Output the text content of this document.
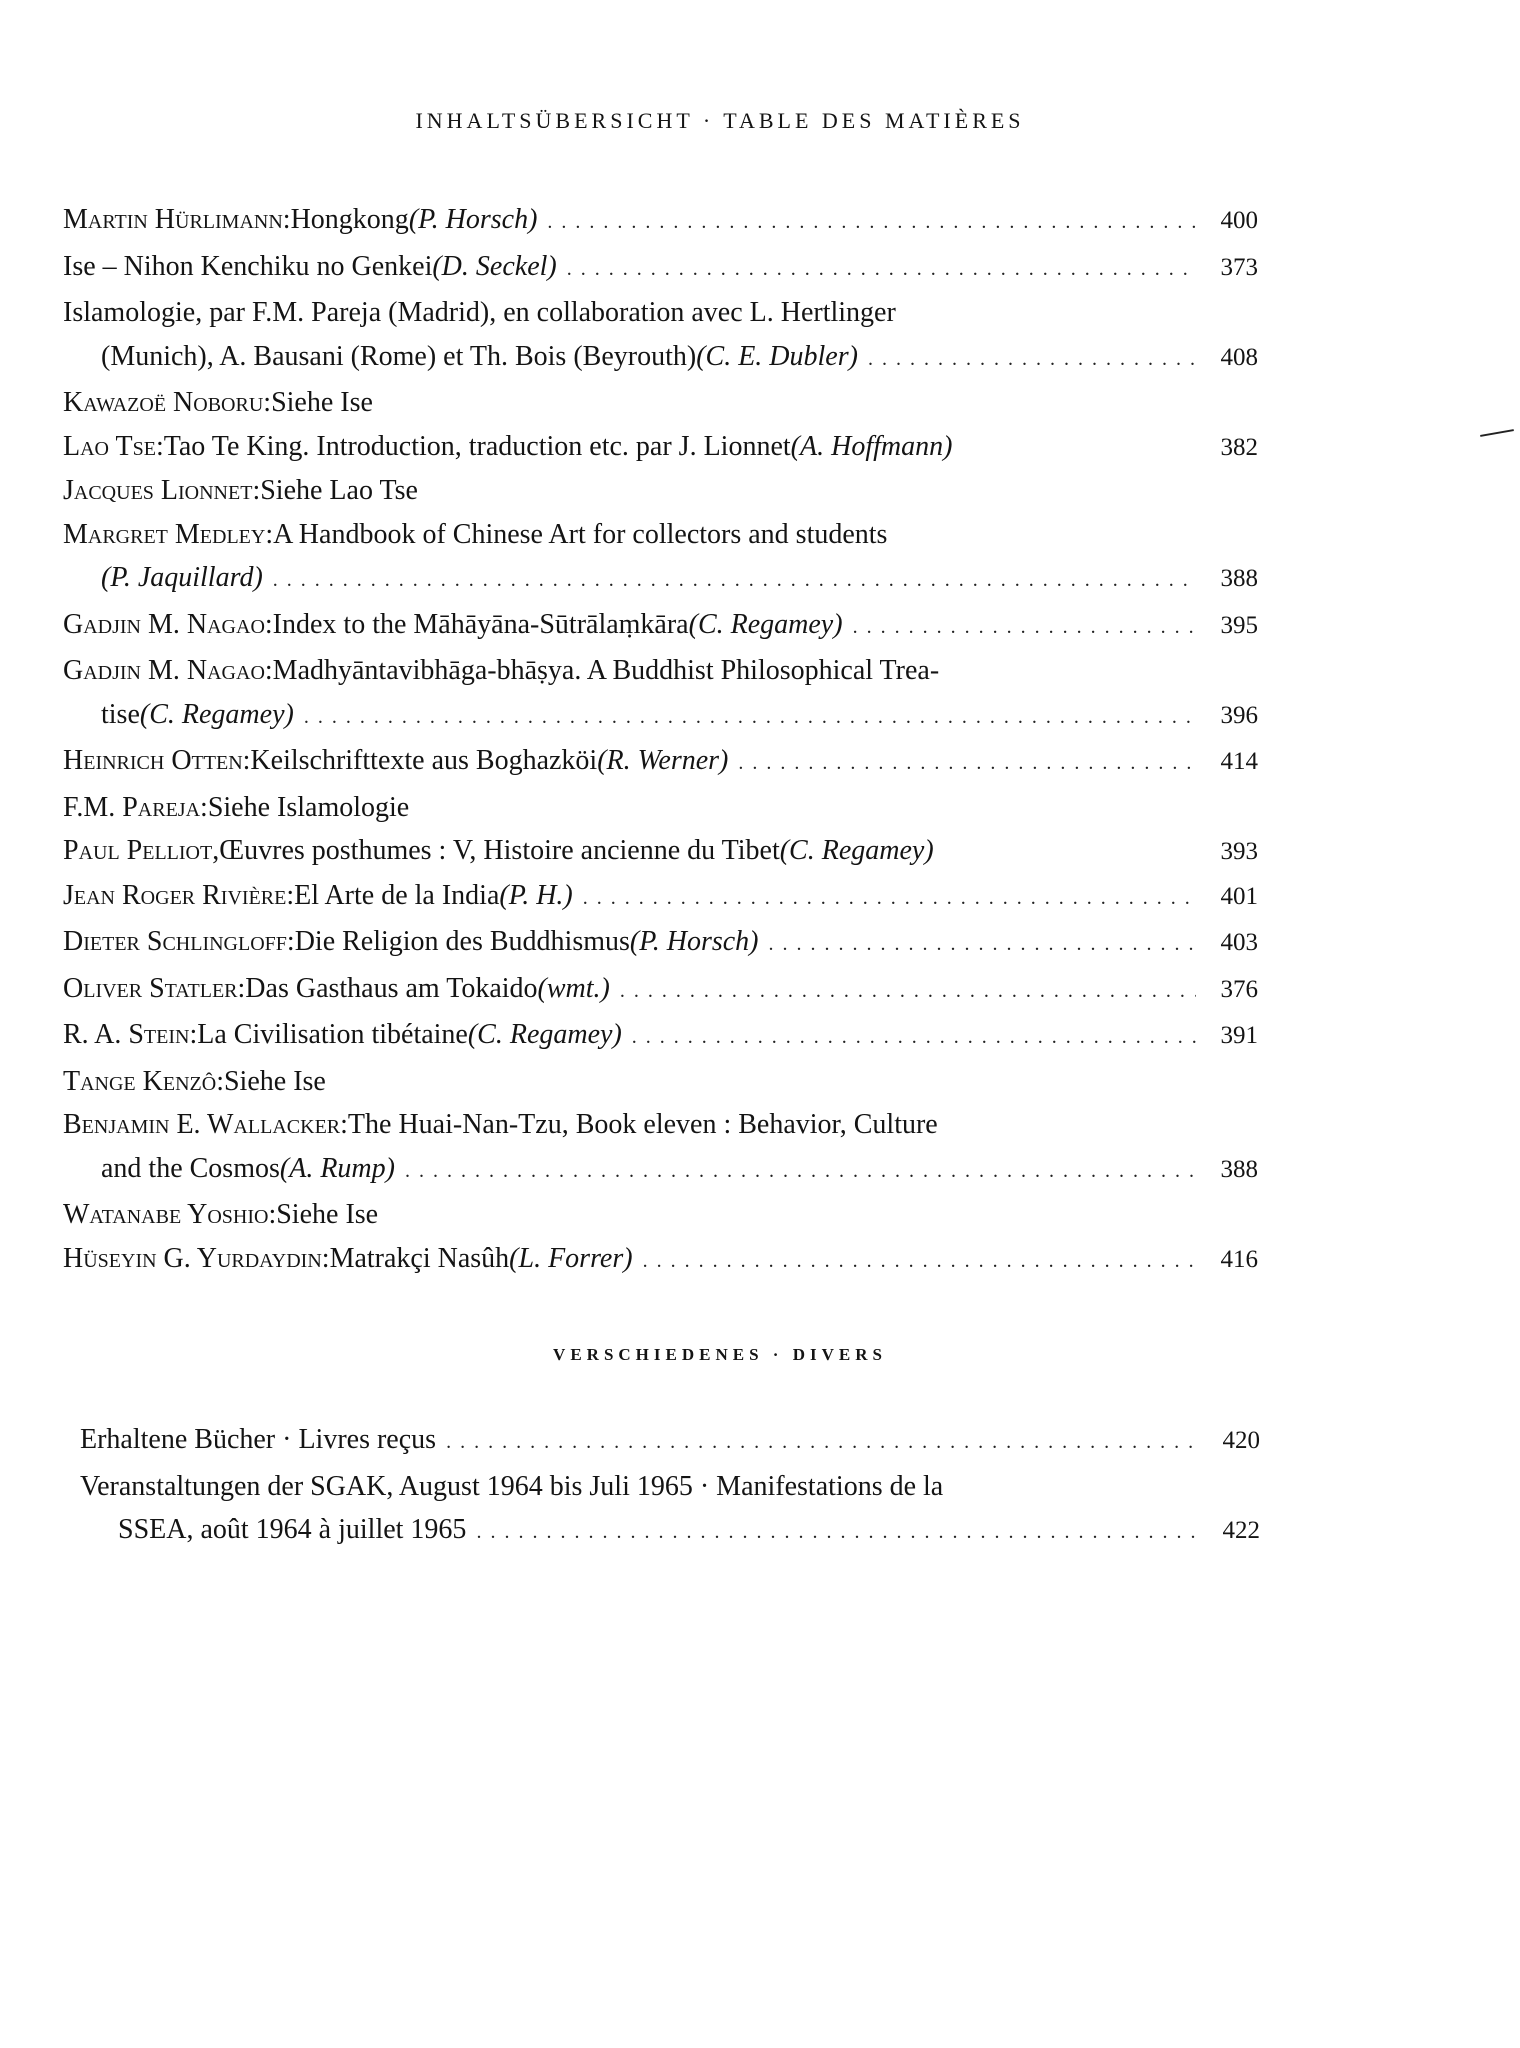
INHALTSÜBERSICHT · TABLE DES MATIÈRES
Martin Hürlimann : Hongkong (P. Horsch) . . .	400
Ise – Nihon Kenchiku no Genkei (D. Seckel) . . .	373
Islamologie, par F.M. Pareja (Madrid), en collaboration avec L. Hertlinger
(Munich), A. Bausani (Rome) et Th. Bois (Beyrouth) (C. E. Dubler) . . .	408
Kawazoë Noboru : Siehe Ise
Lao Tse : Tao Te King. Introduction, traduction etc. par J. Lionnet (A. Hoffmann)	382
Jacques Lionnet : Siehe Lao Tse
Margret Medley : A Handbook of Chinese Art for collectors and students
(P. Jaquillard) . . .	388
Gadjin M. Nagao : Index to the Māhāyāna-Sūtrālaṃkāra (C. Regamey) . . .	395
Gadjin M. Nagao : Madhyāntavibhāga-bhāṣya. A Buddhist Philosophical Trea-
tise (C. Regamey) . . .	396
Heinrich Otten : Keilschrifttexte aus Boghazköi (R. Werner) . . .	414
F.M. Pareja : Siehe Islamologie
Paul Pelliot , Œuvres posthumes : V, Histoire ancienne du Tibet (C. Regamey)	393
Jean Roger Rivière : El Arte de la India (P. H.) . . .	401
Dieter Schlingloff : Die Religion des Buddhismus (P. Horsch) . . .	403
Oliver Statler : Das Gasthaus am Tokaido (wmt.) . . .	376
R. A. Stein : La Civilisation tibétaine (C. Regamey) . . .	391
Tange Kenzô : Siehe Ise
Benjamin E. Wallacker : The Huai-Nan-Tzu, Book eleven : Behavior, Culture
and the Cosmos (A. Rump) . . .	388
Watanabe Yoshio : Siehe Ise
Hüseyin G. Yurdaydin : Matrakçi Nasûh (L. Forrer) . . .	416
VERSCHIEDENES · DIVERS
Erhaltene Bücher · Livres reçus . . .	420
Veranstaltungen der SGAK, August 1964 bis Juli 1965 · Manifestations de la
SSEA, août 1964 à juillet 1965 . . .	422
